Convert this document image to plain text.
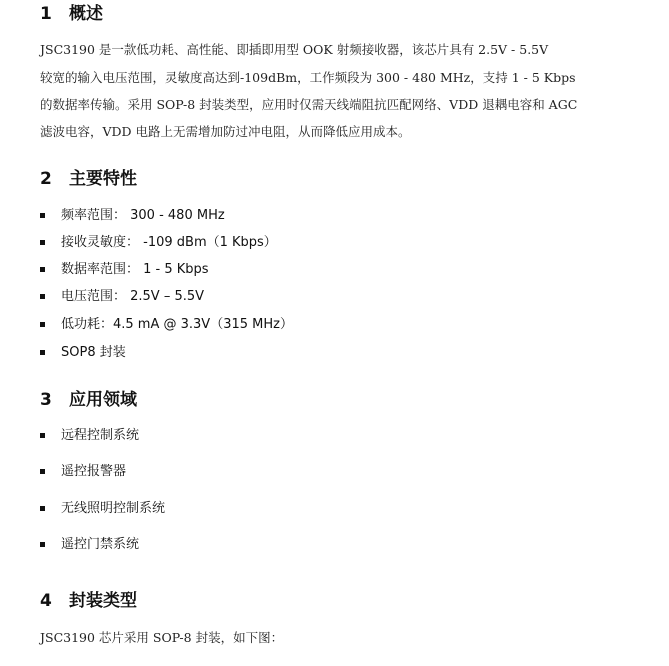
1 概述
JSC3190 是一款低功耗、高性能、即插即用型 OOK 射频接收器，该芯片具有 2.5V - 5.5V
较宽的输入电压范围，灵敏度高达到-109dBm，工作频段为 300 - 480 MHz，支持 1 - 5 Kbps
的数据率传输。采用 SOP-8 封装类型，应用时仅需天线端阻抗匹配网络、VDD 退耦电容和 AGC
滤波电容，VDD 电路上无需增加防过冲电阻，从而降低应用成本。
2 主要特性
频率范围： 300 - 480 MHz
接收灵敏度： -109 dBm（1 Kbps）
数据率范围： 1 - 5 Kbps
电压范围： 2.5V – 5.5V
低功耗：4.5 mA @ 3.3V（315 MHz）
SOP8 封装
3 应用领域
远程控制系统
遥控报警器
无线照明控制系统
遥控门禁系统
4 封装类型
JSC3190 芯片采用 SOP-8 封装，如下图：
